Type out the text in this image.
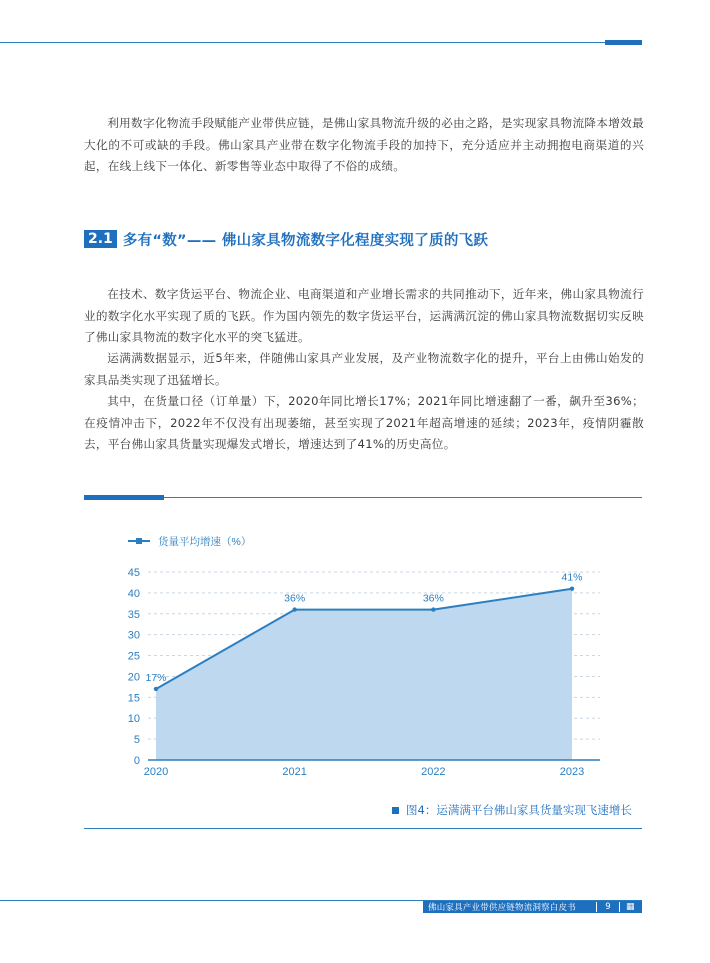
利用数字化物流手段赋能产业带供应链，是佛山家具物流升级的必由之路，是实现家具物流降本增效最大化的不可或缺的手段。佛山家具产业带在数字化物流手段的加持下，充分适应并主动拥抱电商渠道的兴起，在线上线下一体化、新零售等业态中取得了不俗的成绩。

2.1 多有“数”—— 佛山家具物流数字化程度实现了质的飞跃

在技术、数字货运平台、物流企业、电商渠道和产业增长需求的共同推动下，近年来，佛山家具物流行业的数字化水平实现了质的飞跃。作为国内领先的数字货运平台，运满满沉淀的佛山家具物流数据切实反映了佛山家具物流的数字化水平的突飞猛进。

运满满数据显示，近5年来，伴随佛山家具产业发展，及产业物流数字化的提升，平台上由佛山始发的家具品类实现了迅猛增长。

其中，在货量口径（订单量）下，2020年同比增长17%；2021年同比增速翻了一番，飙升至36%；在疫情冲击下，2022年不仅没有出现萎缩，甚至实现了2021年超高增速的延续；2023年，疫情阴霾散去，平台佛山家具货量实现爆发式增长，增速达到了41%的历史高位。

货量平均增速（%）
0
5
10
15
20
25
30
35
40
45
17%
2020
36%
2021
36%
2022
41%
2023
图4：运满满平台佛山家具货量实现飞速增长
佛山家具产业带供应链物流洞察白皮书	9	▦
